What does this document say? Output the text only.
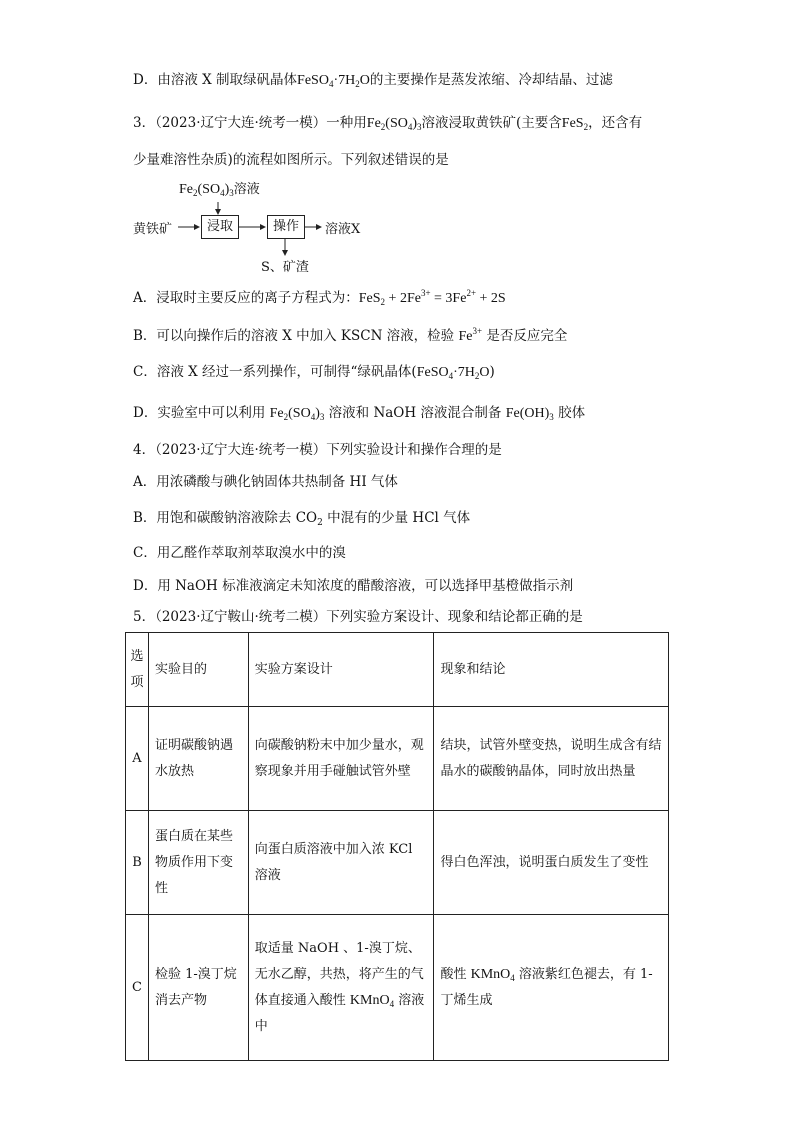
D．由溶液 X 制取绿矾晶体$FeSO_4\cdot 7H_2O$的主要操作是蒸发浓缩、冷却结晶、过滤
3．（2023·辽宁大连·统考一模）一种用$Fe_2(SO_4)_3$溶液浸取黄铁矿(主要含FeS$_2$，还含有
少量难溶性杂质)的流程如图所示。下列叙述错误的是
$Fe_2(SO_4)_3$溶液
黄铁矿	浸取	操作	溶液X
S、矿渣
A．浸取时主要反应的离子方程式为：$FeS_2 + 2Fe^{3+} = 3Fe^{2+} + 2S$
B．可以向操作后的溶液 X 中加入 KSCN 溶液，检验 $Fe^{3+}$ 是否反应完全
C．溶液 X 经过一系列操作，可制得“绿矾晶体$(FeSO_4\cdot 7H_2O)$
D．实验室中可以利用 $Fe_2(SO_4)_3$ 溶液和 NaOH 溶液混合制备 $Fe(OH)_3$ 胶体
4．（2023·辽宁大连·统考一模）下列实验设计和操作合理的是
A．用浓磷酸与碘化钠固体共热制备 HI 气体
B．用饱和碳酸钠溶液除去 $CO_2$ 中混有的少量 HCl 气体
C．用乙醛作萃取剂萃取溴水中的溴
D．用 NaOH 标准液滴定未知浓度的醋酸溶液，可以选择甲基橙做指示剂
5．（2023·辽宁鞍山·统考二模）下列实验方案设计、现象和结论都正确的是
选
项	实验目的	实验方案设计	现象和结论
A	证明碳酸钠遇水放热	向碳酸钠粉末中加少量水，观察现象并用手碰触试管外壁	结块，试管外壁变热，说明生成含有结晶水的碳酸钠晶体，同时放出热量
B	蛋白质在某些物质作用下变性	向蛋白质溶液中加入浓 KCl 溶液	得白色浑浊，说明蛋白质发生了变性
C	检验 1-溴丁烷消去产物	取适量 NaOH 、1-溴丁烷、无水乙醇，共热，将产生的气体直接通入酸性 KMnO$_4$ 溶液中	酸性 KMnO$_4$ 溶液紫红色褪去，有 1-丁烯生成
